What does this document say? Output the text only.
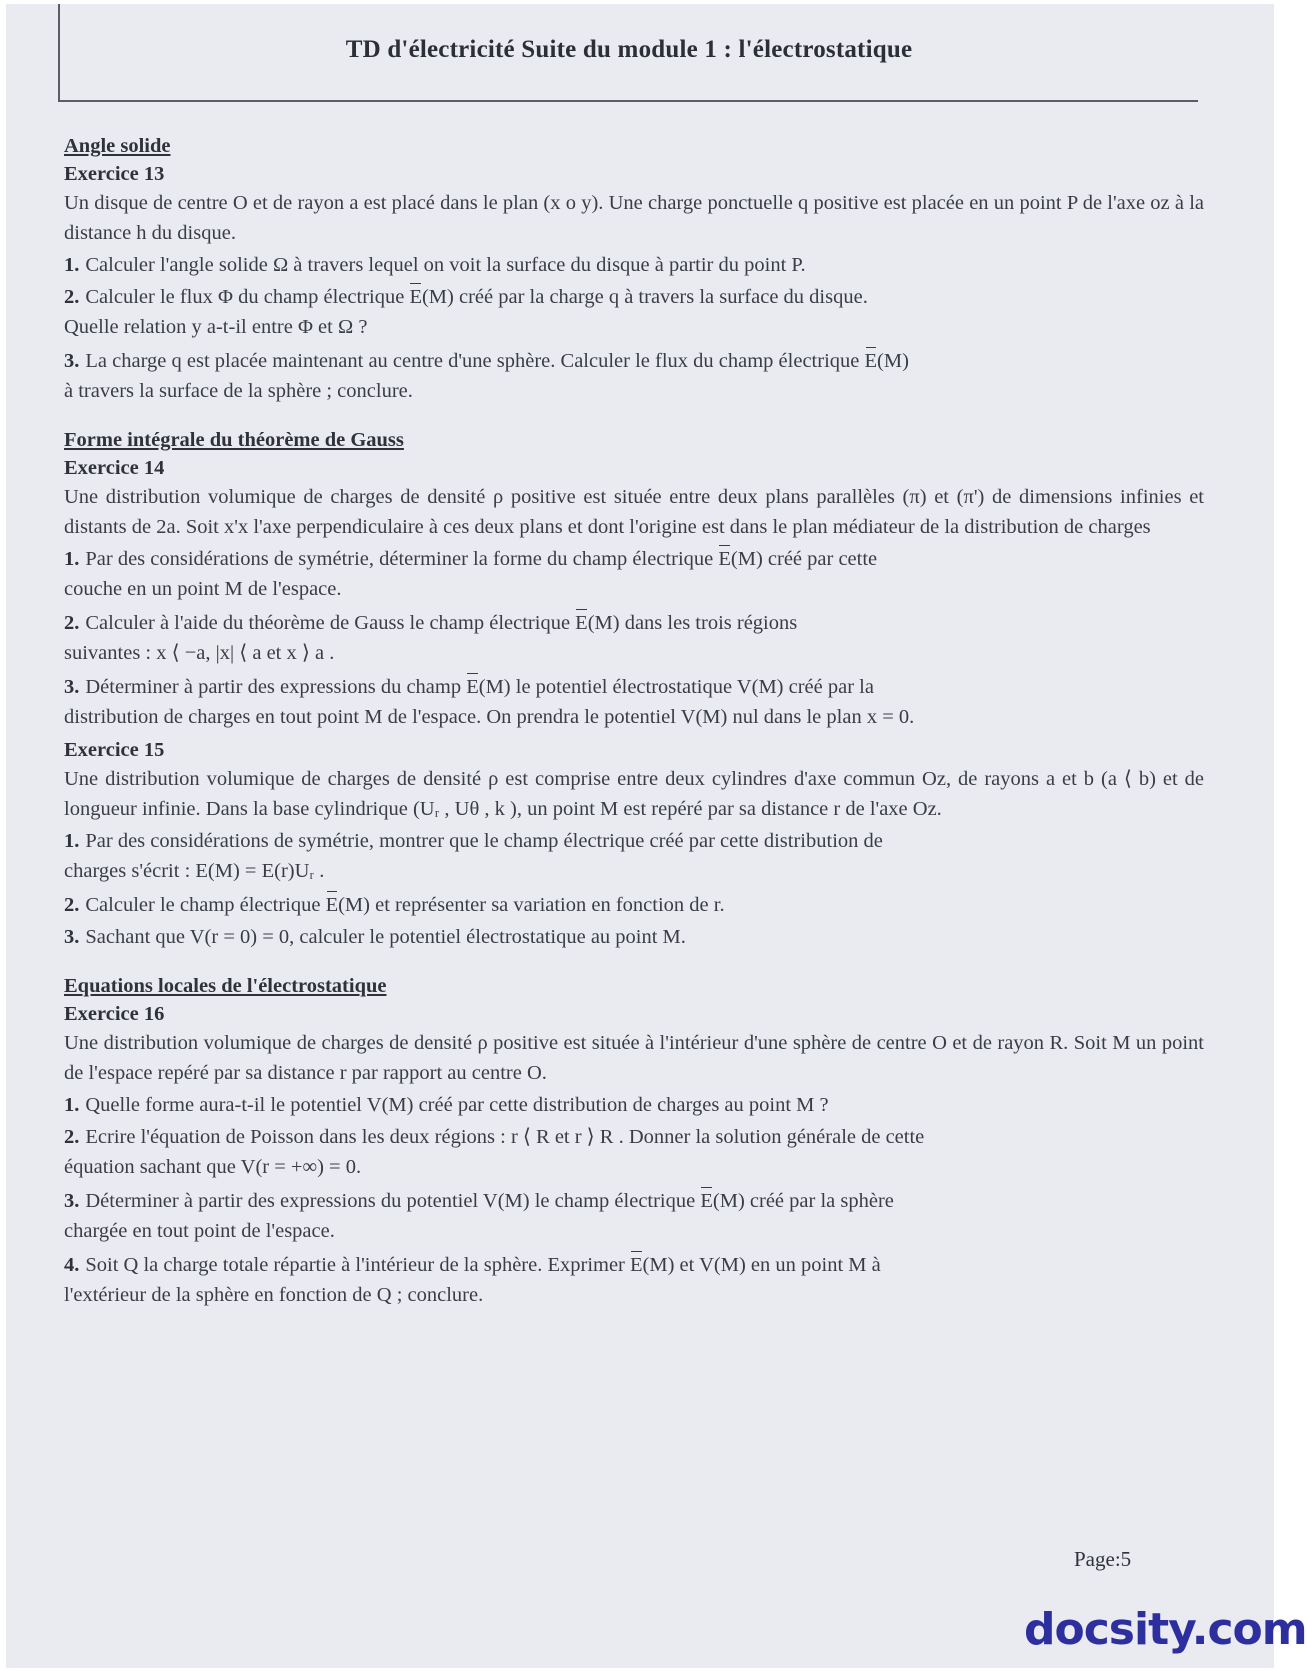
TD d'électricité Suite du module 1 : l'électrostatique
Angle solide
Exercice 13
Un disque de centre O et de rayon a est placé dans le plan (x o y). Une charge ponctuelle q positive est placée en un point P de l'axe oz à la distance h du disque.
1. Calculer l'angle solide Ω à travers lequel on voit la surface du disque à partir du point P.
2. Calculer le flux Φ du champ électrique E(M) créé par la charge q à travers la surface du disque.
Quelle relation y a-t-il entre Φ et Ω ?
3. La charge q est placée maintenant au centre d'une sphère. Calculer le flux du champ électrique E(M)
à travers la surface de la sphère ; conclure.
Forme intégrale du théorème de Gauss
Exercice 14
Une distribution volumique de charges de densité ρ positive est située entre deux plans parallèles (π) et (π') de dimensions infinies et distants de 2a. Soit x'x l'axe perpendiculaire à ces deux plans et dont l'origine est dans le plan médiateur de la distribution de charges
1. Par des considérations de symétrie, déterminer la forme du champ électrique E(M) créé par cette
couche en un point M de l'espace.
2. Calculer à l'aide du théorème de Gauss le champ électrique E(M) dans les trois régions
suivantes : x ⟨ −a, |x| ⟨ a et x ⟩ a .
3. Déterminer à partir des expressions du champ E(M) le potentiel électrostatique V(M) créé par la
distribution de charges en tout point M de l'espace. On prendra le potentiel V(M) nul dans le plan x = 0.
Exercice 15
Une distribution volumique de charges de densité ρ est comprise entre deux cylindres d'axe commun Oz, de rayons a et b (a ⟨ b) et de longueur infinie. Dans la base cylindrique (Uᵣ , Uθ , k ), un point M est repéré par sa distance r de l'axe Oz.
1. Par des considérations de symétrie, montrer que le champ électrique créé par cette distribution de
charges s'écrit : E(M) = E(r)Uᵣ .
2. Calculer le champ électrique E(M) et représenter sa variation en fonction de r.
3. Sachant que V(r = 0) = 0, calculer le potentiel électrostatique au point M.
Equations locales de l'électrostatique
Exercice 16
Une distribution volumique de charges de densité ρ positive est située à l'intérieur d'une sphère de centre O et de rayon R. Soit M un point de l'espace repéré par sa distance r par rapport au centre O.
1. Quelle forme aura-t-il le potentiel V(M) créé par cette distribution de charges au point M ?
2. Ecrire l'équation de Poisson dans les deux régions : r ⟨ R et r ⟩ R . Donner la solution générale de cette
équation sachant que V(r = +∞) = 0.
3. Déterminer à partir des expressions du potentiel V(M) le champ électrique E(M) créé par la sphère
chargée en tout point de l'espace.
4. Soit Q la charge totale répartie à l'intérieur de la sphère. Exprimer E(M) et V(M) en un point M à
l'extérieur de la sphère en fonction de Q ; conclure.
Page:5
docsity.com
